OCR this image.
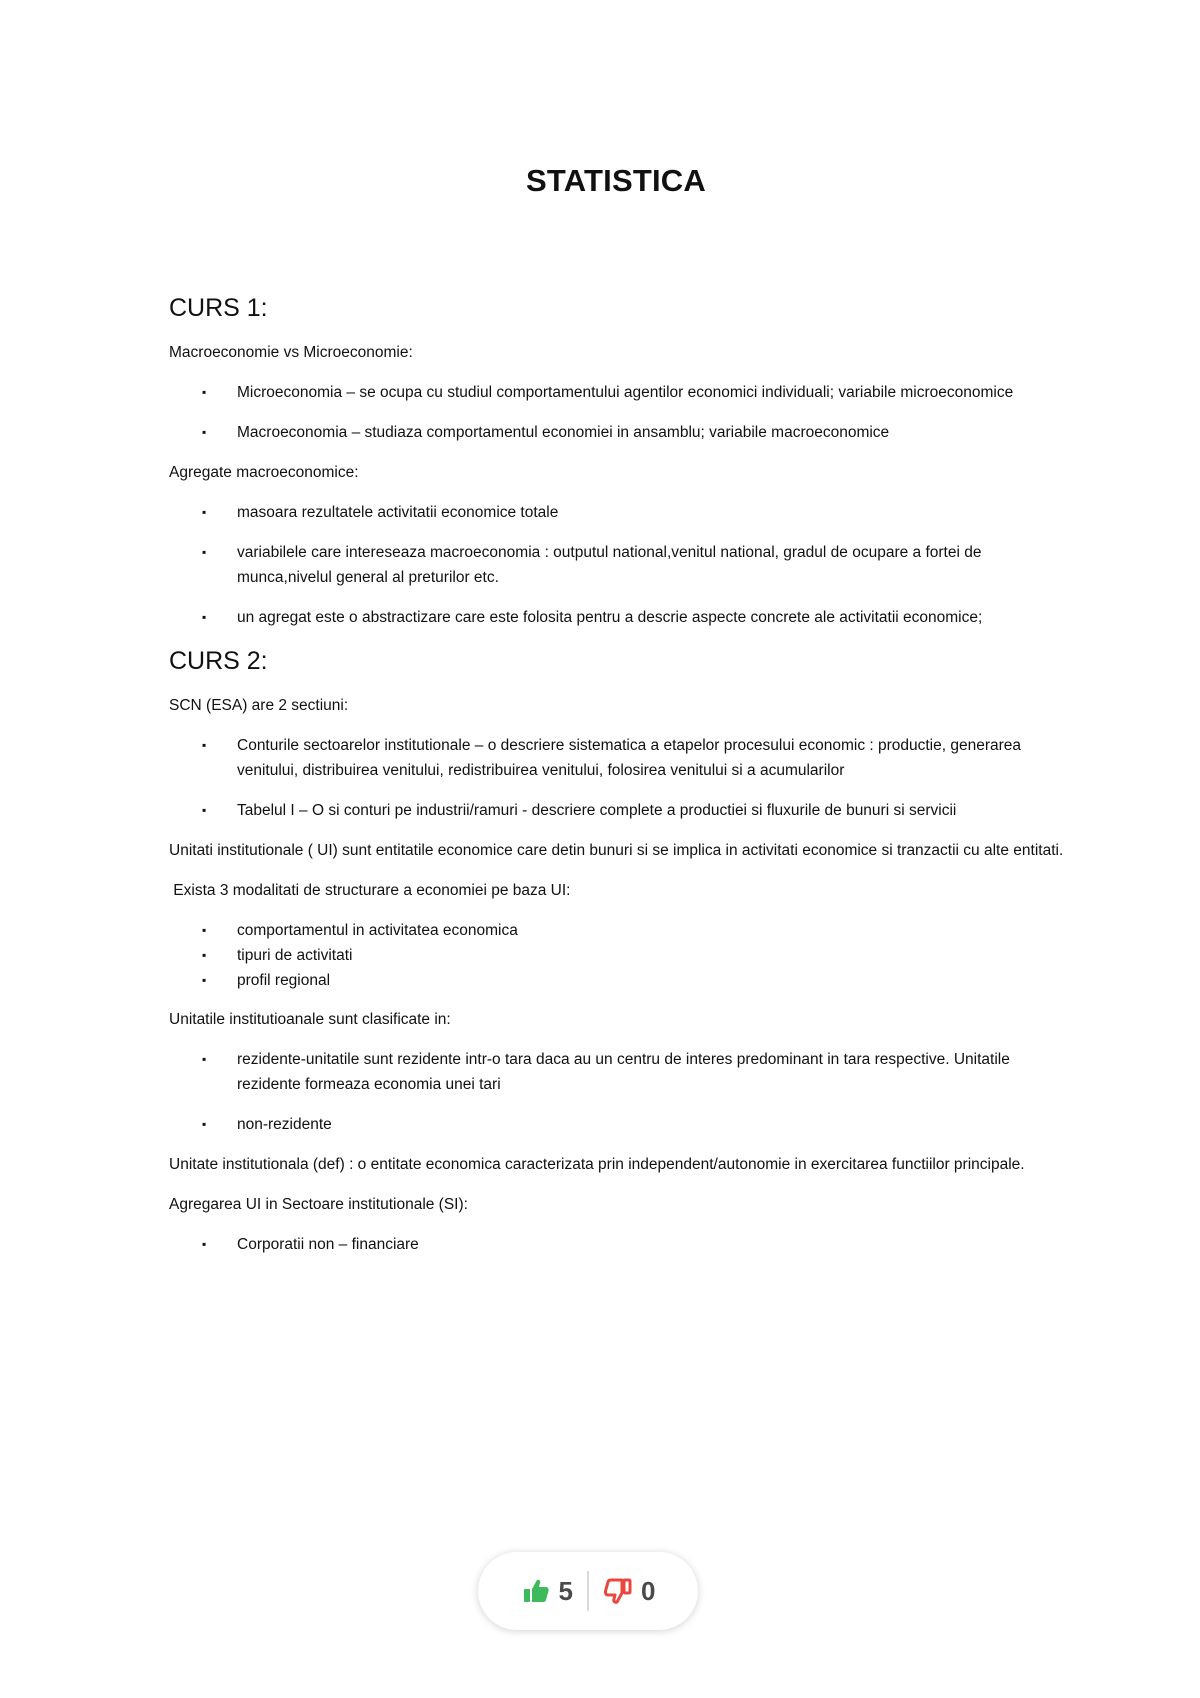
STATISTICA
CURS 1:

Macroeconomie vs Microeconomie:

▪ Microeconomia – se ocupa cu studiul comportamentului agentilor economici individuali; variabile microeconomice
▪ Macroeconomia – studiaza comportamentul economiei in ansamblu; variabile macroeconomice

Agregate macroeconomice:

▪ masoara rezultatele activitatii economice totale
▪ variabilele care intereseaza macroeconomia : outputul national,venitul national, gradul de ocupare a fortei de munca,nivelul general al preturilor etc.
▪ un agregat este o abstractizare care este folosita pentru a descrie aspecte concrete ale activitatii economice;
CURS 2:

SCN (ESA) are 2 sectiuni:

▪ Conturile sectoarelor institutionale – o descriere sistematica a etapelor procesului economic : productie, generarea venitului, distribuirea venitului, redistribuirea venitului, folosirea venitului si a acumularilor
▪ Tabelul I – O si conturi pe industrii/ramuri - descriere complete a productiei si fluxurile de bunuri si servicii

Unitati institutionale ( UI) sunt entitatile economice care detin bunuri si se implica in activitati economice si tranzactii cu alte entitati.

Exista 3 modalitati de structurare a economiei pe baza UI:

▪ comportamentul in activitatea economica
▪ tipuri de activitati
▪ profil regional

Unitatile institutioanale sunt clasificate in:

▪ rezidente-unitatile sunt rezidente intr-o tara daca au un centru de interes predominant in tara respective. Unitatile rezidente formeaza economia unei tari
▪ non-rezidente

Unitate institutionala (def) : o entitate economica caracterizata prin independent/autonomie in exercitarea functiilor principale.

Agregarea UI in Sectoare institutionale (SI):

▪ Corporatii non – financiare
5	0
